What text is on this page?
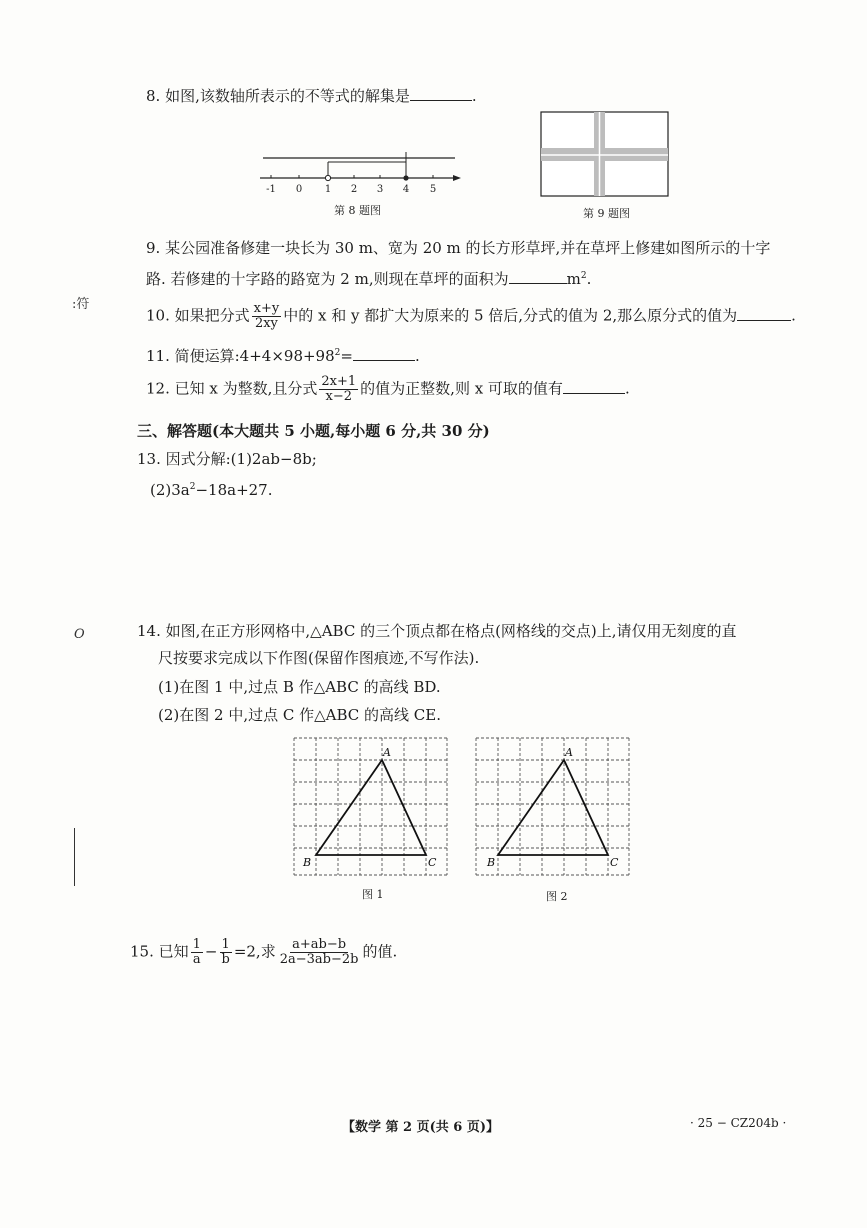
:符
O
8. 如图,该数轴所表示的不等式的解集是	.
-1 0 1 2 3 4 5
第 8 题图	第 9 题图
9. 某公园准备修建一块长为 30 m、宽为 20 m 的长方形草坪,并在草坪上修建如图所示的十字
路. 若修建的十字路的路宽为 2 m,则现在草坪的面积为	$m^2$.
10. 如果把分式 $\frac{x+y}{2xy}$ 中的 x 和 y 都扩大为原来的 5 倍后,分式的值为 2,那么原分式的值为	.
11. 简便运算$:4+4\times 98+98^2=$	.
12. 已知 x 为整数,且分式 $\frac{2x+1}{x-2}$ 的值为正整数,则 x 可取的值有	.
三、解答题(本大题共 5 小题,每小题 6 分,共 30 分)
13. 因式分解:(1)2ab−8b;
$(2)3a^2-18a+27$.
14. 如图,在正方形网格中,△ABC 的三个顶点都在格点(网格线的交点)上,请仅用无刻度的直
尺按要求完成以下作图(保留作图痕迹,不写作法).
(1)在图 1 中,过点 B 作△ABC 的高线 BD.
(2)在图 2 中,过点 C 作△ABC 的高线 CE.
A
B	C
图 1
A
B	C
图 2
15. 已知 $\frac{1}{a} - \frac{1}{b} =2$,求 $\frac{a+ab-b}{2a-3ab-2b}$ 的值.
【数学 第 2 页(共 6 页)】	· 25 − CZ204b ·
